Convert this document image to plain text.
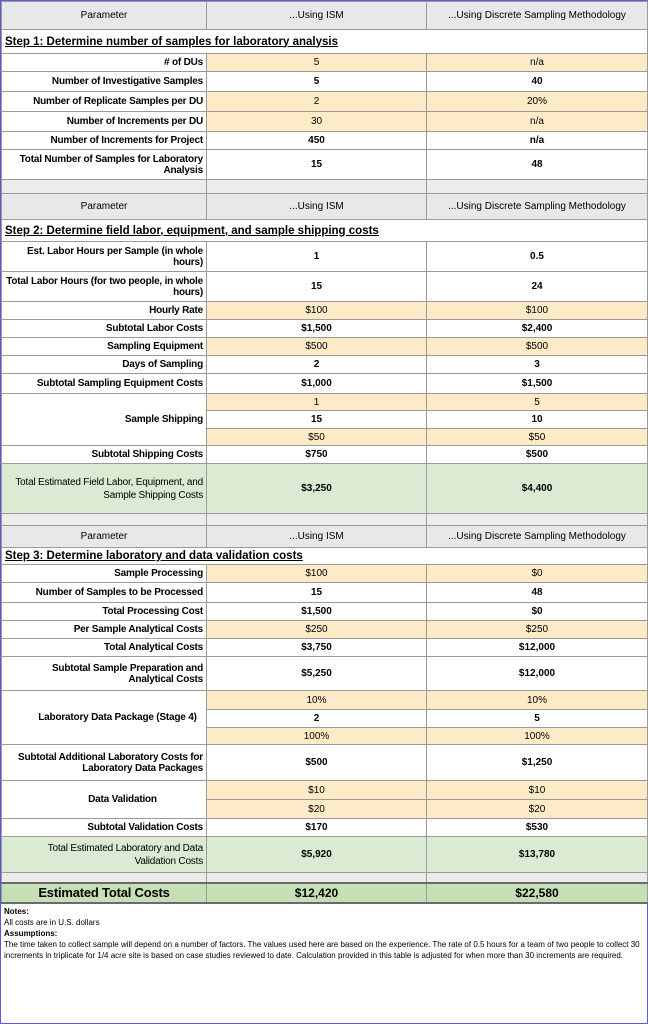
Parameter	...Using ISM	...Using Discrete Sampling Methodology
Step 1: Determine number of samples for laboratory analysis		
# of DUs	5	n/a
Number of Investigative Samples	5	40
Number of Replicate Samples per DU	2	20%
Number of Increments per DU	30	n/a
Number of Increments for Project	450	n/a
Total Number of Samples for Laboratory Analysis	15	48

Parameter	...Using ISM	...Using Discrete Sampling Methodology
Step 2: Determine field labor, equipment, and sample shipping costs		
Est. Labor Hours per Sample (in whole hours)	1	0.5
Total Labor Hours (for two people, in whole hours)	15	24
Hourly Rate	$100	$100
Subtotal Labor Costs	$1,500	$2,400
Sampling Equipment	$500	$500
Days of Sampling	2	3
Subtotal Sampling Equipment Costs	$1,000	$1,500
Sample Shipping	1	5
	15	10
	$50	$50
Subtotal Shipping Costs	$750	$500
Total Estimated Field Labor, Equipment, and Sample Shipping Costs	$3,250	$4,400

Parameter	...Using ISM	...Using Discrete Sampling Methodology
Step 3: Determine laboratory and data validation costs		
Sample Processing	$100	$0
Number of Samples to be Processed	15	48
Total Processing Cost	$1,500	$0
Per Sample Analytical Costs	$250	$250
Total Analytical Costs	$3,750	$12,000
Subtotal Sample Preparation and Analytical Costs	$5,250	$12,000
Laboratory Data Package (Stage 4)	10%	10%
	2	5
	100%	100%
Subtotal Additional Laboratory Costs for Laboratory Data Packages	$500	$1,250
Data Validation	$10	$10
	$20	$20
Subtotal Validation Costs	$170	$530
Total Estimated Laboratory and Data Validation Costs	$5,920	$13,780

Estimated Total Costs	$12,420	$22,580
Notes:
All costs are in U.S. dollars
Assumptions:
The time taken to collect sample will depend on a number of factors. The values used here are based on the experience. The rate of 0.5 hours for a team of two people to collect 30 increments in triplicate for 1/4 acre site is based on case studies reviewed to date. Calculation provided in this table is adjusted for when more than 30 increments are required.
